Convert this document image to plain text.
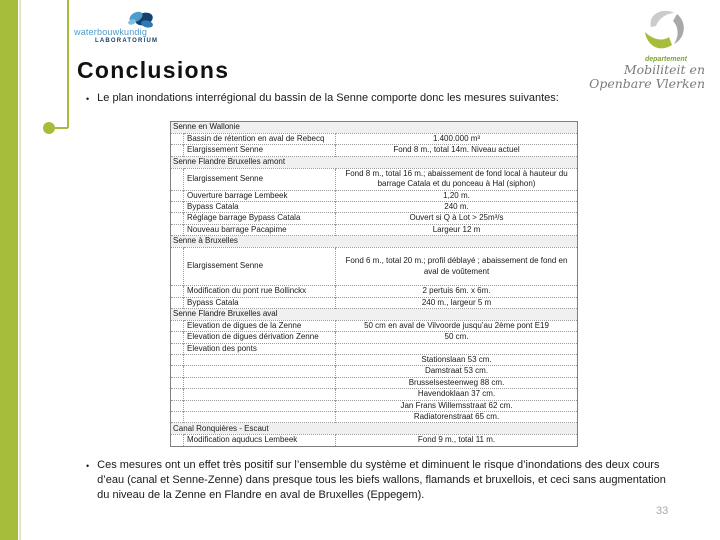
waterbouwkundig
LABORATORIUM
departement
Mobiliteit en
Openbare Vlerken
Conclusions
•
Le plan inondations interrégional du bassin de la Senne comporte donc les mesures suivantes:
Senne en Wallonie		
	Bassin de rétention en aval de Rebecq	1.400.000 m³
	Elargissement Senne	Fond 8 m., total 14m. Niveau actuel
Senne Flandre Bruxelles amont		
	Elargissement Senne	Fond 8 m., total 16 m.; abaissement de fond local à hauteur du barrage Catala et du ponceau à Hal (siphon)
	Ouverture barrage Lembeek	1,20 m.
	Bypass Catala	240 m.
	Réglage barrage Bypass Catala	Ouvert si Q à Lot > 25m³/s
	Nouveau barrage Pacapime	Largeur 12 m
Senne à Bruxelles		
	Elargissement Senne	Fond 6 m., total 20 m.; profil déblayé ; abaissement de fond en aval de voûtement
	Modification du pont rue Bollinckx	2 pertuis 6m. x 6m.
	Bypass Catala	240 m., largeur 5 m
Senne Flandre Bruxelles aval		
	Elevation de digues de la Zenne	50 cm en aval de Vilvoorde jusqu’au 2ème pont E19
	Elevation de digues dérivation Zenne	50 cm.
	Elevation des ponts	
		Stationslaan 53 cm.
		Damstraat 53 cm.
		Brusselsesteenweg 88 cm.
		Havendoklaan 37 cm.
		Jan Frans Willemsstraat 62 cm.
		Radiatorenstraat 65 cm.
Canal Ronquières - Escaut		
	Modification aquducs Lembeek	Fond 9 m., total 11 m.
•
Ces mesures ont un effet très positif sur l’ensemble du système et diminuent le risque d’inondations des deux cours d’eau (canal et Senne-Zenne) dans presque tous les biefs wallons, flamands et bruxellois, et ceci sans augmentation du niveau de la Zenne en Flandre en aval de Bruxelles (Eppegem).
33
